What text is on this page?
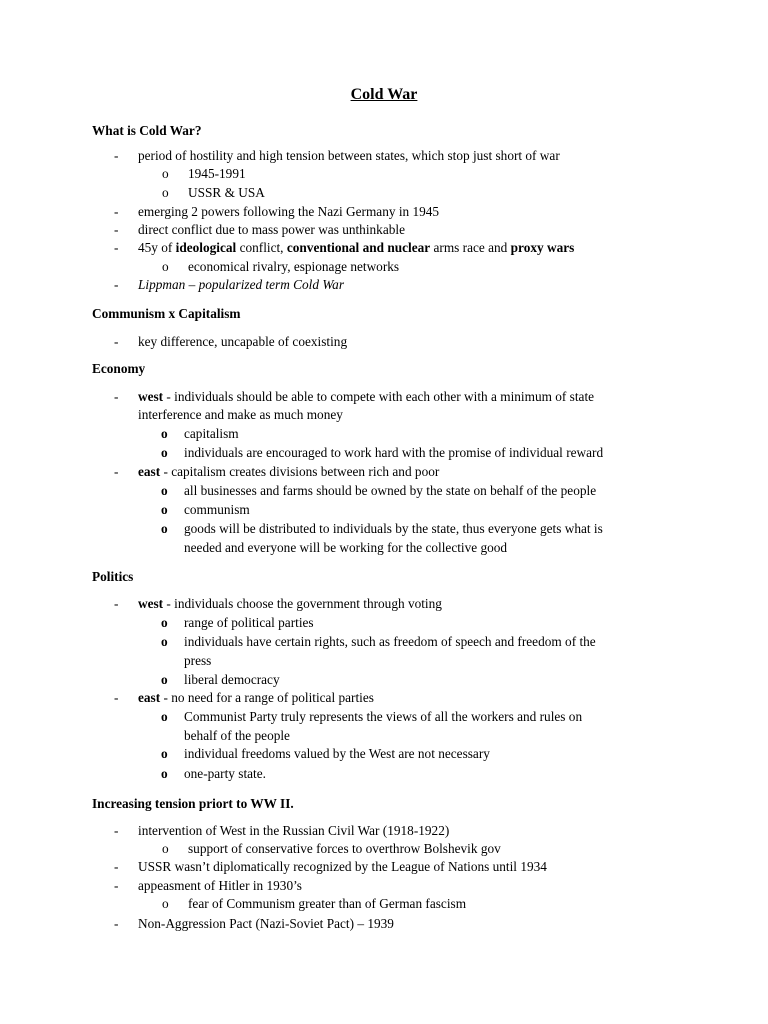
Cold War
What is Cold War?
- period of hostility and high tension between states, which stop just short of war
o 1945-1991
o USSR & USA
- emerging 2 powers following the Nazi Germany in 1945
- direct conflict due to mass power was unthinkable
- 45y of ideological conflict, conventional and nuclear arms race and proxy wars
o economical rivalry, espionage networks
- Lippman – popularized term Cold War
Communism x Capitalism
- key difference, uncapable of coexisting
Economy
- west - individuals should be able to compete with each other with a minimum of state
interference and make as much money
o capitalism
o individuals are encouraged to work hard with the promise of individual reward
- east - capitalism creates divisions between rich and poor
o all businesses and farms should be owned by the state on behalf of the people
o communism
o goods will be distributed to individuals by the state, thus everyone gets what is
needed and everyone will be working for the collective good
Politics
- west - individuals choose the government through voting
o range of political parties
o individuals have certain rights, such as freedom of speech and freedom of the
press
o liberal democracy
- east - no need for a range of political parties
o Communist Party truly represents the views of all the workers and rules on
behalf of the people
o individual freedoms valued by the West are not necessary
o one-party state.
Increasing tension priort to WW II.
- intervention of West in the Russian Civil War (1918-1922)
o support of conservative forces to overthrow Bolshevik gov
- USSR wasn’t diplomatically recognized by the League of Nations until 1934
- appeasment of Hitler in 1930’s
o fear of Communism greater than of German fascism
- Non-Aggression Pact (Nazi-Soviet Pact) – 1939
